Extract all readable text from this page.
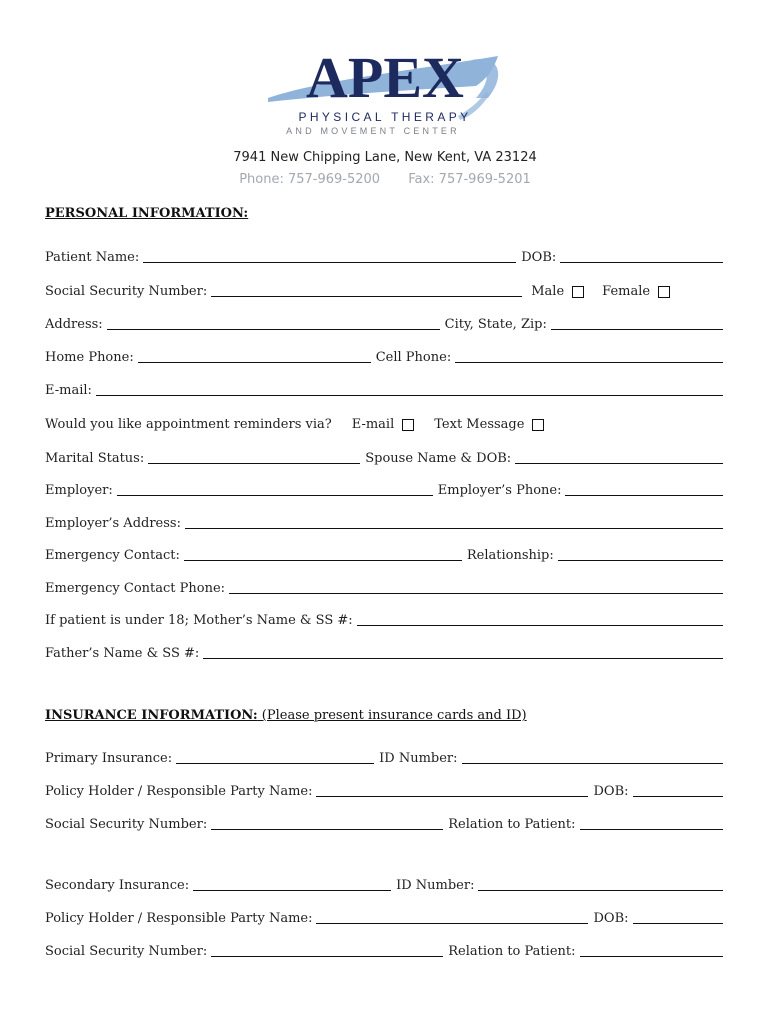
APEX
PHYSICAL THERAPY
AND MOVEMENT CENTER
7941 New Chipping Lane, New Kent, VA 23124
Phone: 757-969-5200 Fax: 757-969-5201
PERSONAL INFORMATION:
Patient Name:	DOB:
Social Security Number:	Male	Female
Address:	City, State, Zip:
Home Phone:	Cell Phone:
E-mail:
Would you like appointment reminders via? E-mail	Text Message
Marital Status:	Spouse Name & DOB:
Employer:	Employer’s Phone:
Employer’s Address:
Emergency Contact:	Relationship:
Emergency Contact Phone:
If patient is under 18; Mother’s Name & SS #:
Father’s Name & SS #:
INSURANCE INFORMATION: (Please present insurance cards and ID)
Primary Insurance:	ID Number:
Policy Holder / Responsible Party Name:	DOB:
Social Security Number:	Relation to Patient:
Secondary Insurance:	ID Number:
Policy Holder / Responsible Party Name:	DOB:
Social Security Number:	Relation to Patient:
